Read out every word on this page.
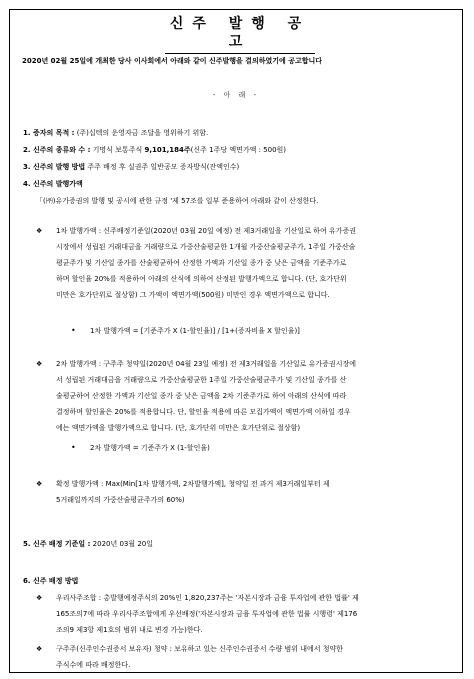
신주 발행 공고
2020년 02월 25일에 개최한 당사 이사회에서 아래와 같이 신주발행을 결의하였기에 공고합니다
- 아 래 -
1. 증자의 목적 : (주)십텍의 운영자금 조달을 영위하기 위함.
2. 신주의 종류와 수 : 기명식 보통주식 9,101,184주(신주 1주당 액면가액 : 500원)
3. 신주의 발행 방법 주주 배정 후 실권주 일반공모 증자방식(잔액인수)
4. 신주의 발행가액
「(㈜)유가증권의 발행 및 공시에 관한 규정 '제 57조를 일부 준용하여 아래와 같이 산정한다.
❖ 1차 발행가액 : 신주배정기준일(2020년 03월 20일 예정) 전 제3거래일을 기산일로 하여 유가증권
시장에서 성립된 거래대금을 거래량으로 가중산술평균한 1개월 가중산술평균주가, 1주일 가중산술
평균주가 및 기산일 종가를 산술평균하여 산정한 가액과 기산일 종가 중 낮은 금액을 기준주가로
하며 할인율 20%를 적용하여 아래의 산식에 의하여 산정된 발행가액으로 합니다. (단, 호가단위
미만은 호가단위로 절상함) 그 가액이 액면가액(500원) 미만인 경우 액면가액으로 합니다.
• 1차 발행가액 = [기준주가 X (1-할인율)] / [1+(증자비율 X 할인율)]
❖ 2차 발행가액 : 구주주 청약일(2020년 04월 23일 예정) 전 제3거래일을 기산일로 유가증권시장에
서 성립된 거래대금을 거래량으로 가중산술평균한 1주일 가중산술평균주가 및 기산일 종가를 산
술평균하여 산정한 가액과 기산일 종가 중 낮은 금액을 2차 기준주가로 하여 아래의 산식에 따라
결정하며 할인율은 20%를 적용합니다. 단, 할인율 적용에 따른 모집가액이 액면가액 이하일 경우
에는 액면가액을 발행가액으로 합니다. (단, 호가단위 미만은 호가단위로 절상함)
• 2차 발행가액 = 기준주가 X (1-할인율)
❖ 확정 발행가액 : Max(Min[1차 발행가액, 2차발행가액], 청약일 전 과거 제3거래일부터 제
5거래일까지의 가중산술평균주가의 60%)
5. 신주 배정 기준일 : 2020년 03월 20일
6. 신주 배정 방법
❖ 우리사주조합 : 총발행예정주식의 20%인 1,820,237주는 '자본시장과 금융 투자업에 관한 법률' 제
165조의7에 따라 우리사주조합에게 우선배정('자본시장과 금융 투자업에 관한 법률 시행령' 제176
조의9 제3항 제1호의 범위 내로 변경 가능)한다.
❖ 구주주(신주인수권증서 보유자) 청약 : 보유하고 있는 신주인수권증서 수량 범위 내에서 청약한
주식수에 따라 배정한다.
